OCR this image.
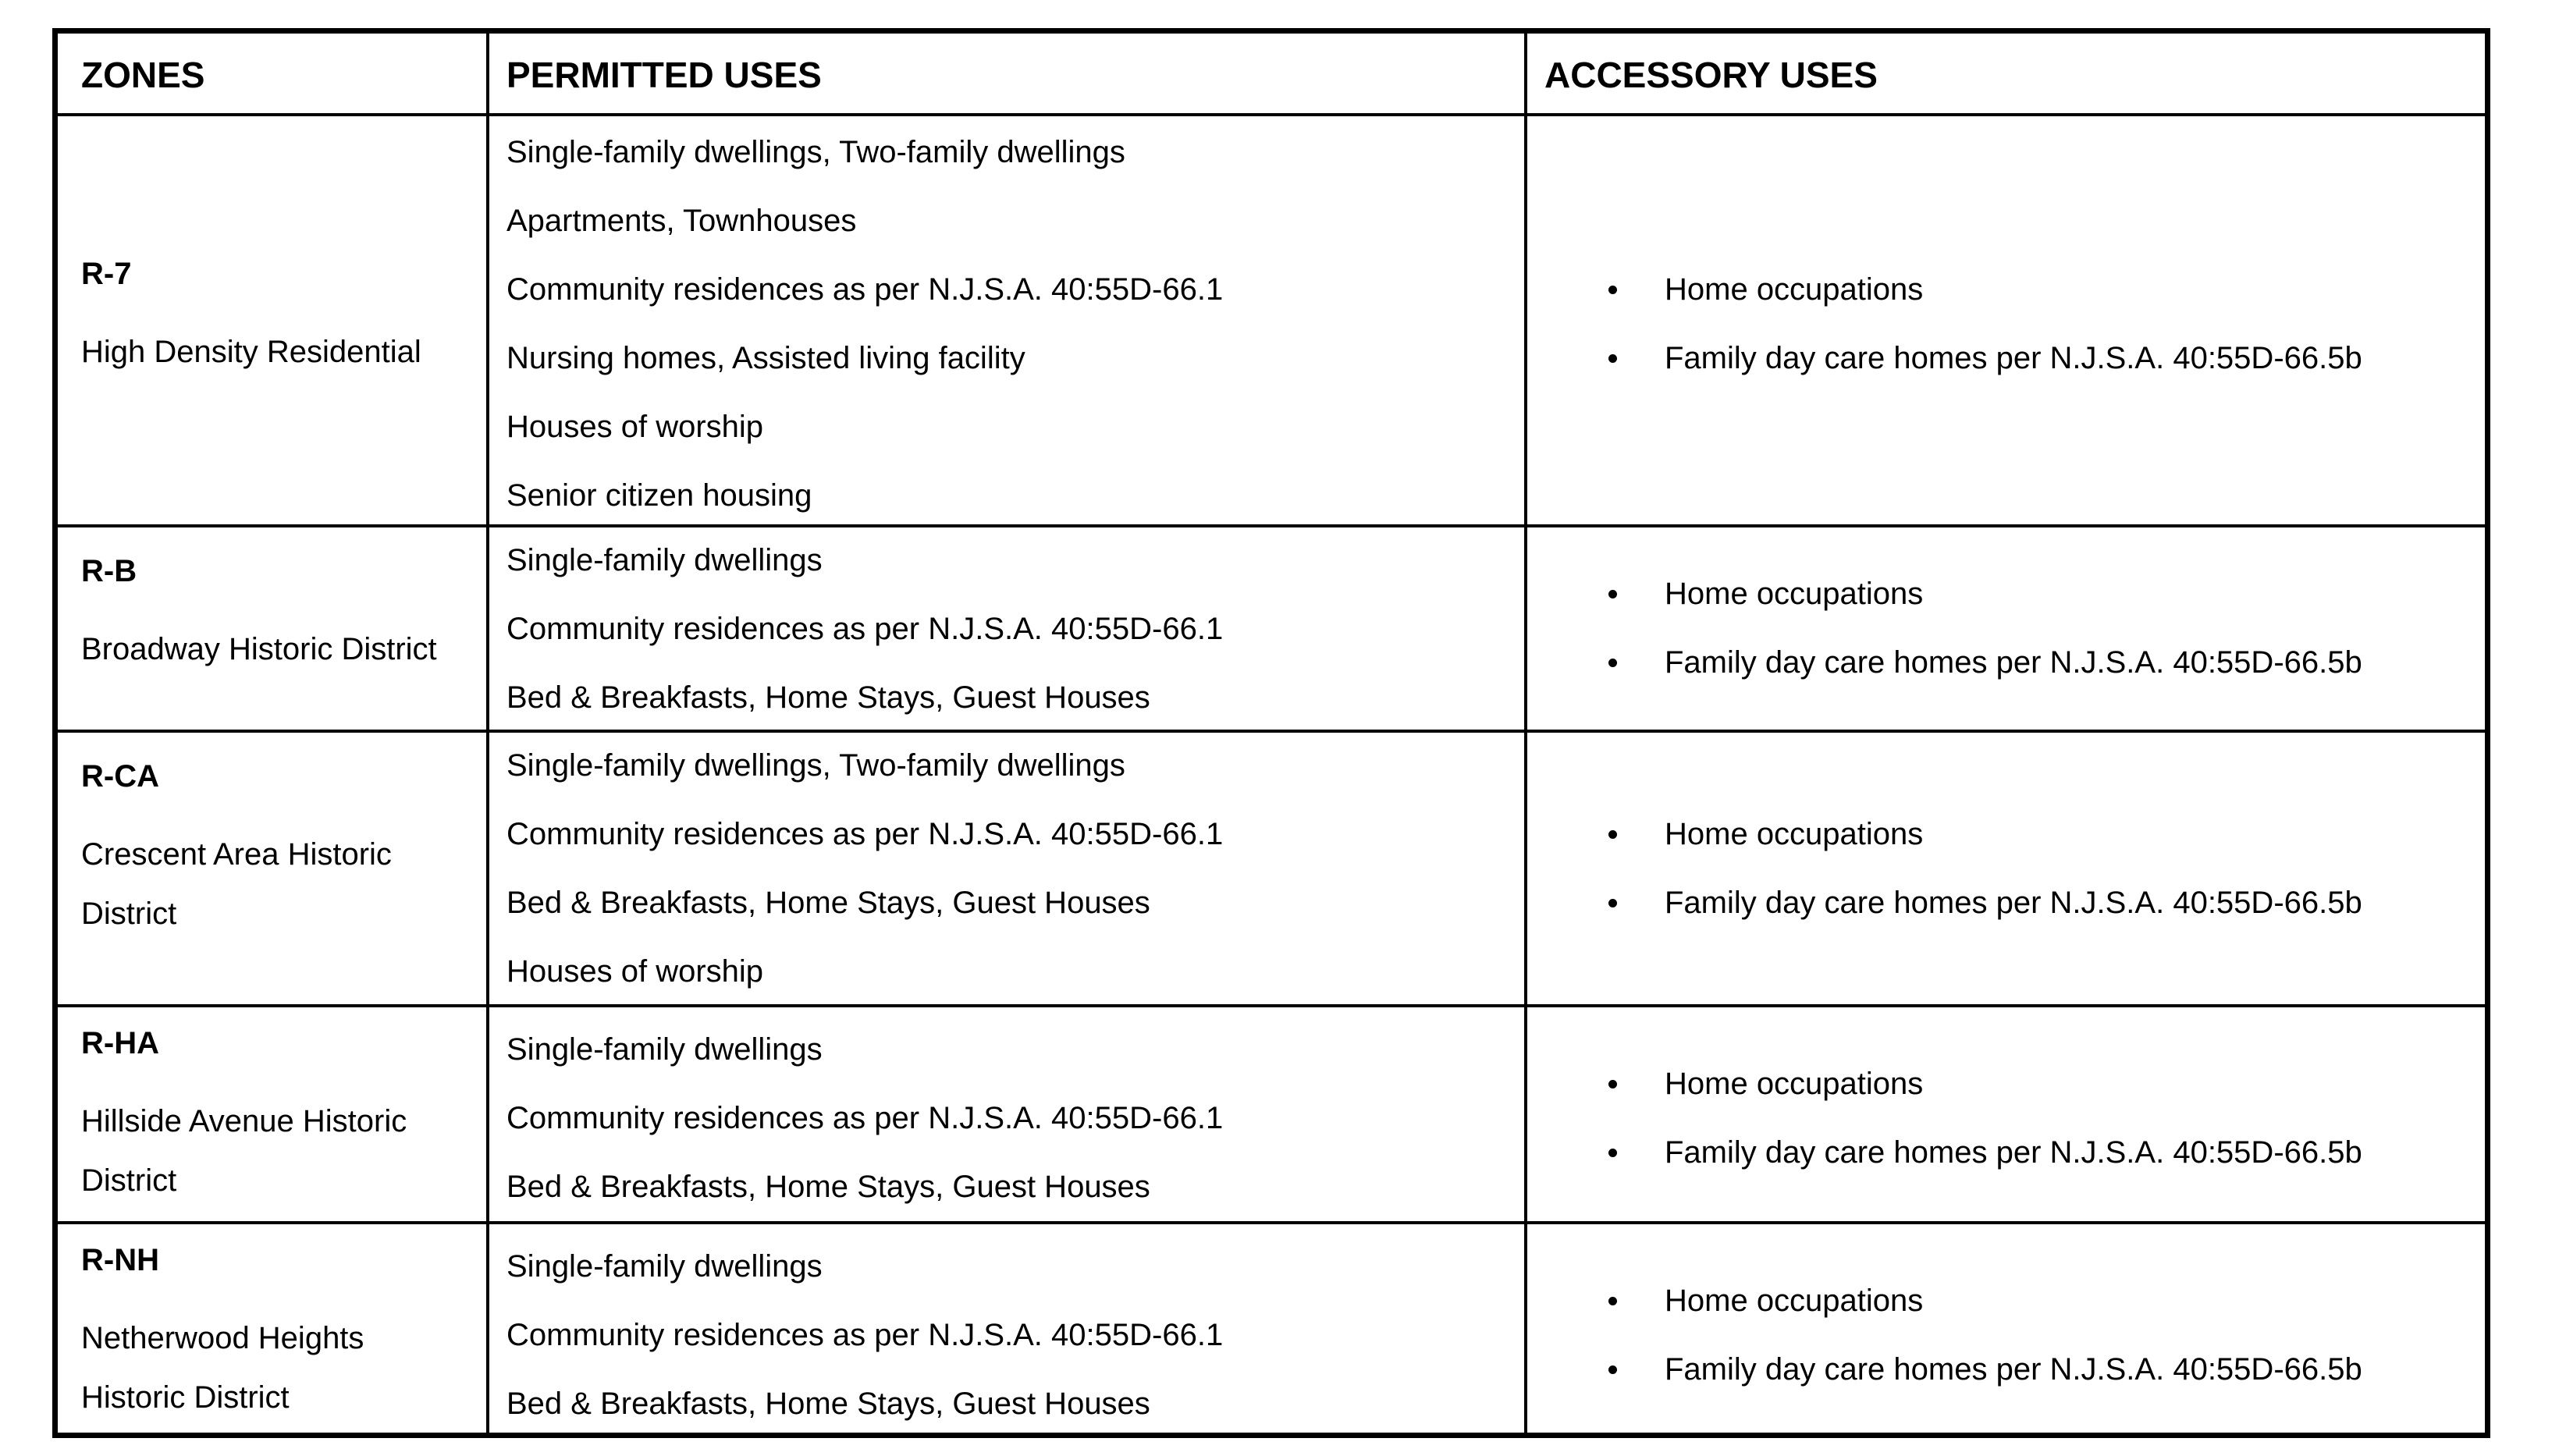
ZONES	PERMITTED USES	ACCESSORY USES
R-7
High Density Residential
Single-family dwellings, Two-family dwellings
Apartments, Townhouses
Community residences as per N.J.S.A. 40:55D-66.1
Nursing homes, Assisted living facility
Houses of worship
Senior citizen housing
Home occupations
Family day care homes per N.J.S.A. 40:55D-66.5b
R-B
Broadway Historic District
Single-family dwellings
Community residences as per N.J.S.A. 40:55D-66.1
Bed & Breakfasts, Home Stays, Guest Houses
Home occupations
Family day care homes per N.J.S.A. 40:55D-66.5b
R-CA
Crescent Area Historic
District
Single-family dwellings, Two-family dwellings
Community residences as per N.J.S.A. 40:55D-66.1
Bed & Breakfasts, Home Stays, Guest Houses
Houses of worship
Home occupations
Family day care homes per N.J.S.A. 40:55D-66.5b
R-HA
Hillside Avenue Historic
District
Single-family dwellings
Community residences as per N.J.S.A. 40:55D-66.1
Bed & Breakfasts, Home Stays, Guest Houses
Home occupations
Family day care homes per N.J.S.A. 40:55D-66.5b
R-NH
Netherwood Heights
Historic District
Single-family dwellings
Community residences as per N.J.S.A. 40:55D-66.1
Bed & Breakfasts, Home Stays, Guest Houses
Home occupations
Family day care homes per N.J.S.A. 40:55D-66.5b
